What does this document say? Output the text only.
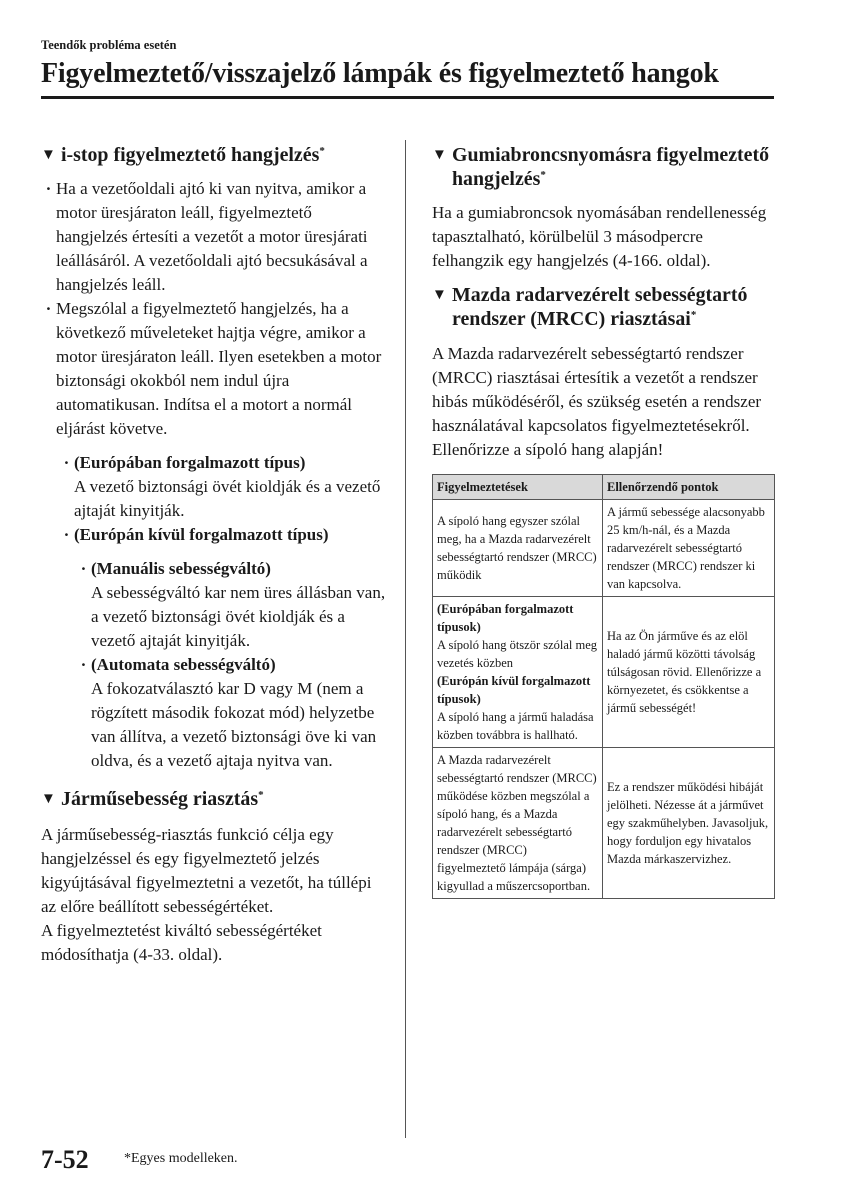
Teendők probléma esetén
Figyelmeztető/visszajelző lámpák és figyelmeztető hangok
▼ i-stop figyelmeztető hangjelzés*
· Ha a vezetőoldali ajtó ki van nyitva, amikor a motor üresjáraton leáll, figyelmeztető hangjelzés értesíti a vezetőt a motor üresjárati leállásáról. A vezetőoldali ajtó becsukásával a hangjelzés leáll.
· Megszólal a figyelmeztető hangjelzés, ha a következő műveleteket hajtja végre, amikor a motor üresjáraton leáll. Ilyen esetekben a motor biztonsági okokból nem indul újra automatikusan. Indítsa el a motort a normál eljárást követve.
· (Európában forgalmazott típus)
A vezető biztonsági övét kioldják és a vezető ajtaját kinyitják.
· (Európán kívül forgalmazott típus)
· (Manuális sebességváltó)
A sebességváltó kar nem üres állásban van, a vezető biztonsági övét kioldják és a vezető ajtaját kinyitják.
· (Automata sebességváltó)
A fokozatválasztó kar D vagy M (nem a rögzített második fokozat mód) helyzetbe van állítva, a vezető biztonsági öve ki van oldva, és a vezető ajtaja nyitva van.
▼ Járműsebesség riasztás*

A járműsebesség-riasztás funkció célja egy hangjelzéssel és egy figyelmeztető jelzés kigyújtásával figyelmeztetni a vezetőt, ha túllépi az előre beállított sebességértéket.

A figyelmeztetést kiváltó sebességértéket módosíthatja (4-33. oldal).

▼ Gumiabroncsnyomásra figyelmeztető hangjelzés*

Ha a gumiabroncsok nyomásában rendellenesség tapasztalható, körülbelül 3 másodpercre felhangzik egy hangjelzés (4-166. oldal).

▼ Mazda radarvezérelt sebességtartó rendszer (MRCC) riasztásai*

A Mazda radarvezérelt sebességtartó rendszer (MRCC) riasztásai értesítik a vezetőt a rendszer hibás működéséről, és szükség esetén a rendszer használatával kapcsolatos figyelmeztetésekről.

Ellenőrizze a sípoló hang alapján!

Figyelmeztetések	Ellenőrzendő pontok
A sípoló hang egyszer szólal meg, ha a Mazda radarvezérelt sebességtartó rendszer (MRCC) működik	A jármű sebessége alacsonyabb 25 km/h-nál, és a Mazda radarvezérelt sebességtartó rendszer (MRCC) rendszer ki van kapcsolva.
(Európában forgalmazott típusok)
A sípoló hang ötször szólal meg vezetés közben
(Európán kívül forgalmazott típusok)
A sípoló hang a jármű haladása közben továbbra is hallható.	Ha az Ön járműve és az elöl haladó jármű közötti távolság túlságosan rövid. Ellenőrizze a környezetet, és csökkentse a jármű sebességét!
A Mazda radarvezérelt sebességtartó rendszer (MRCC) működése közben megszólal a sípoló hang, és a Mazda radarvezérelt sebességtartó rendszer (MRCC) figyelmeztető lámpája (sárga) kigyullad a műszercsoportban.	Ez a rendszer működési hibáját jelölheti. Nézesse át a járművet egy szakműhelyben. Javasoljuk, hogy forduljon egy hivatalos Mazda márkaszervizhez.
7-52	*Egyes modelleken.
